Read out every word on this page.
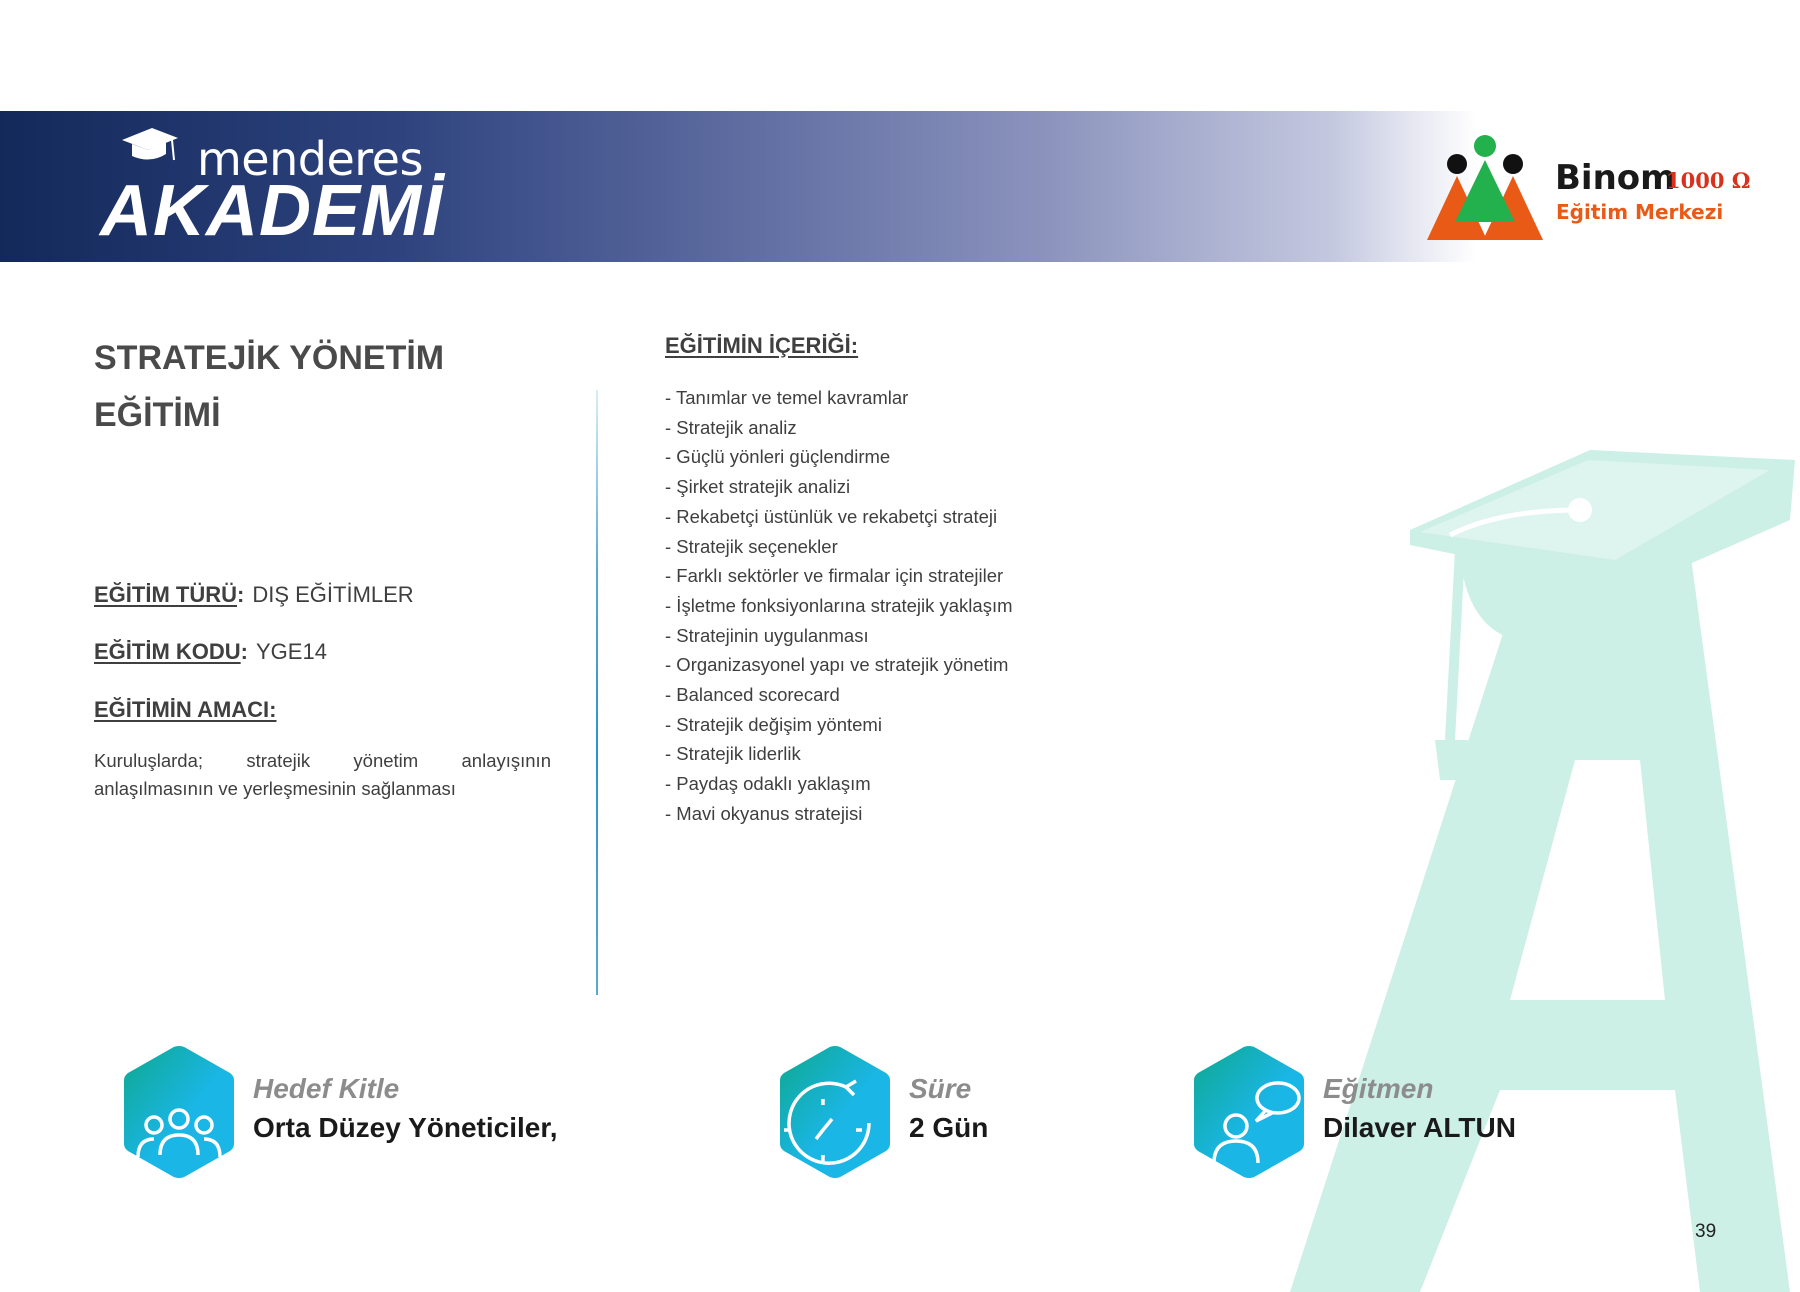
menderes
AKADEMİ	Binom
1000 Ω
Eğitim Merkezi
STRATEJİK YÖNETİM
EĞİTİMİ
EĞİTİM TÜRÜ: DIŞ EĞİTİMLER
EĞİTİM KODU: YGE14
EĞİTİMİN AMACI:
Kuruluşlarda; stratejik yönetim anlayışının anlaşılmasının ve yerleşmesinin sağlanması
EĞİTİMİN İÇERİĞİ:
- Tanımlar ve temel kavramlar
- Stratejik analiz
- Güçlü yönleri güçlendirme
- Şirket stratejik analizi
- Rekabetçi üstünlük ve rekabetçi strateji
- Stratejik seçenekler
- Farklı sektörler ve firmalar için stratejiler
- İşletme fonksiyonlarına stratejik yaklaşım
- Stratejinin uygulanması
- Organizasyonel yapı ve stratejik yönetim
- Balanced scorecard
- Stratejik değişim yöntemi
- Stratejik liderlik
- Paydaş odaklı yaklaşım
- Mavi okyanus stratejisi
Hedef Kitle
Orta Düzey Yöneticiler,
Süre
2 Gün
Eğitmen
Dilaver ALTUN
39
